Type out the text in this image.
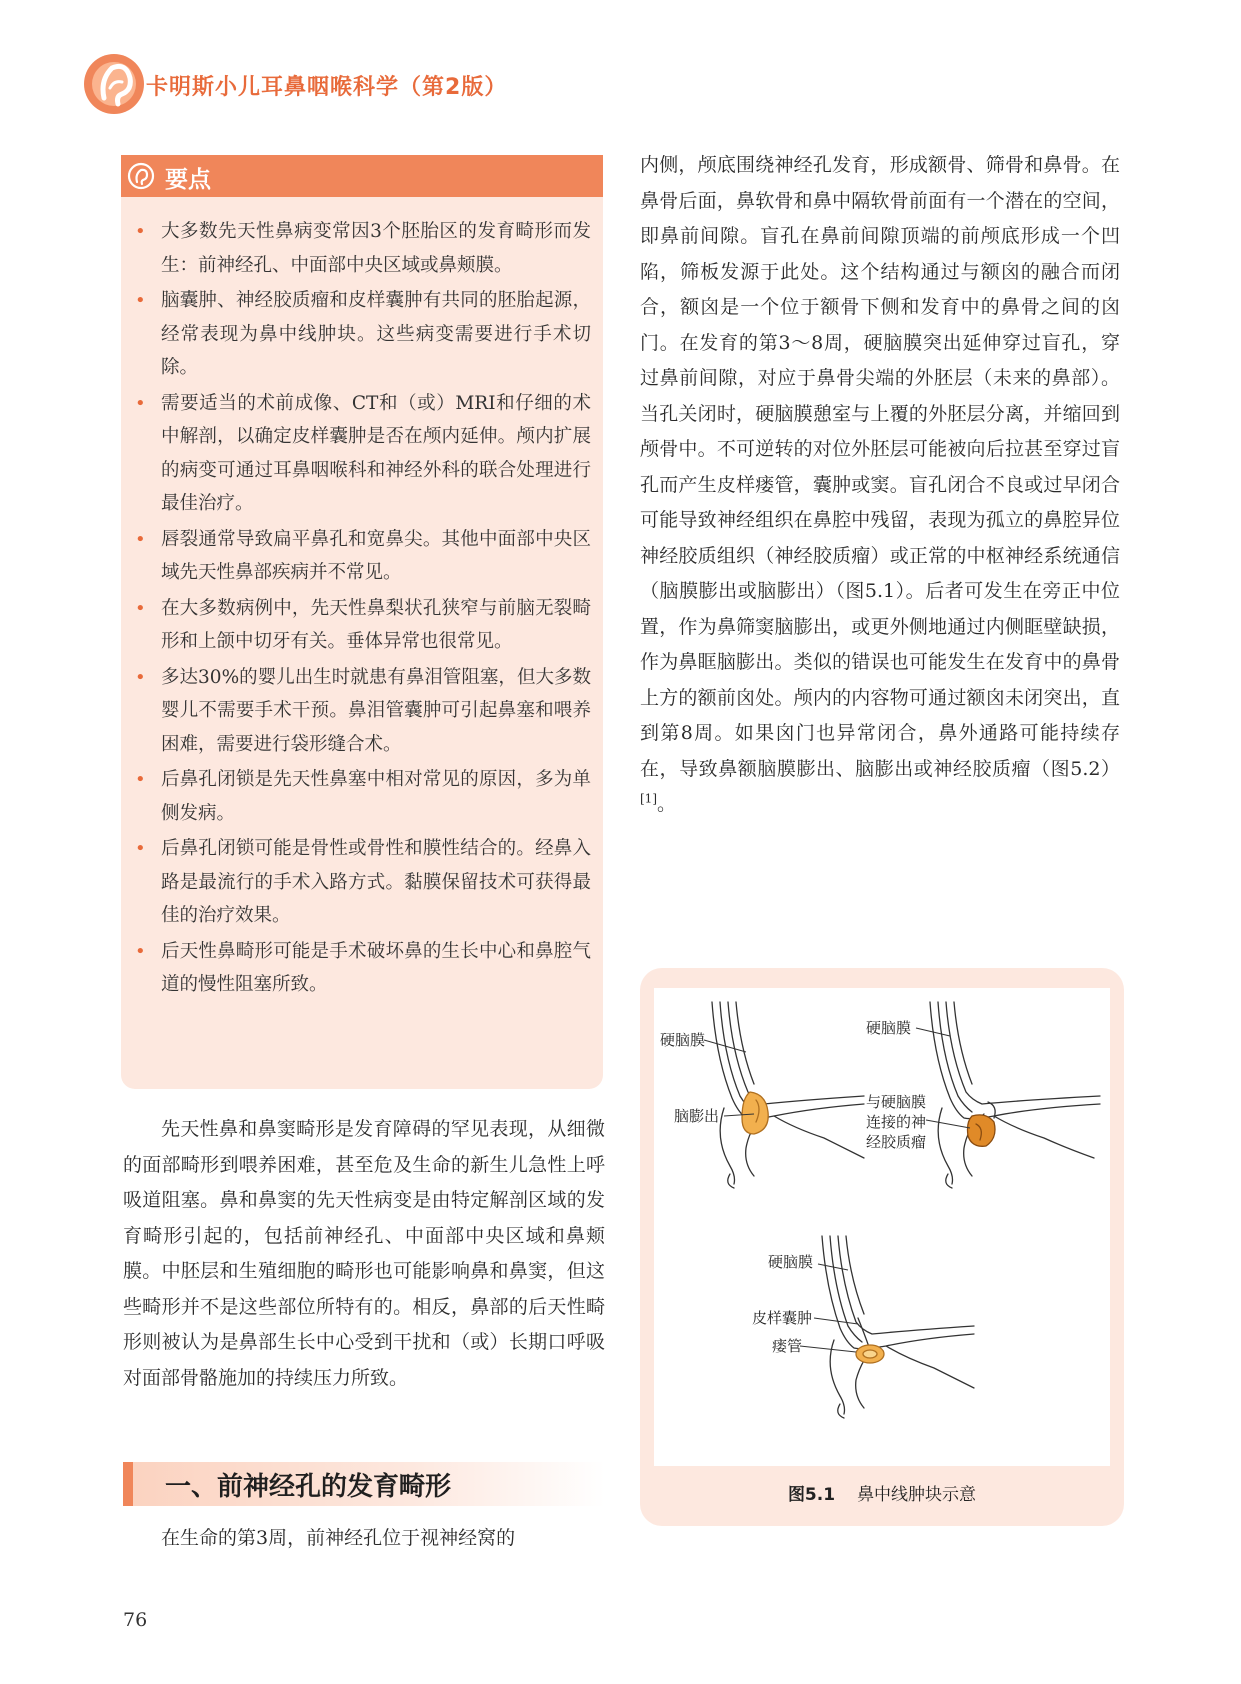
卡明斯小儿耳鼻咽喉科学（第2版）
要点
• 大多数先天性鼻病变常因3个胚胎区的发育畸形而发生：前神经孔、中面部中央区域或鼻颊膜。
• 脑囊肿、神经胶质瘤和皮样囊肿有共同的胚胎起源，经常表现为鼻中线肿块。这些病变需要进行手术切除。
• 需要适当的术前成像、CT和（或）MRI和仔细的术中解剖，以确定皮样囊肿是否在颅内延伸。颅内扩展的病变可通过耳鼻咽喉科和神经外科的联合处理进行最佳治疗。
• 唇裂通常导致扁平鼻孔和宽鼻尖。其他中面部中央区域先天性鼻部疾病并不常见。
• 在大多数病例中，先天性鼻梨状孔狭窄与前脑无裂畸形和上颌中切牙有关。垂体异常也很常见。
• 多达30%的婴儿出生时就患有鼻泪管阻塞，但大多数婴儿不需要手术干预。鼻泪管囊肿可引起鼻塞和喂养困难，需要进行袋形缝合术。
• 后鼻孔闭锁是先天性鼻塞中相对常见的原因，多为单侧发病。
• 后鼻孔闭锁可能是骨性或骨性和膜性结合的。经鼻入路是最流行的手术入路方式。黏膜保留技术可获得最佳的治疗效果。
• 后天性鼻畸形可能是手术破坏鼻的生长中心和鼻腔气道的慢性阻塞所致。

先天性鼻和鼻窦畸形是发育障碍的罕见表现，从细微的面部畸形到喂养困难，甚至危及生命的新生儿急性上呼吸道阻塞。鼻和鼻窦的先天性病变是由特定解剖区域的发育畸形引起的，包括前神经孔、中面部中央区域和鼻颊膜。中胚层和生殖细胞的畸形也可能影响鼻和鼻窦，但这些畸形并不是这些部位所特有的。相反，鼻部的后天性畸形则被认为是鼻部生长中心受到干扰和（或）长期口呼吸对面部骨骼施加的持续压力所致。

一、前神经孔的发育畸形

在生命的第3周，前神经孔位于视神经窝的

内侧，颅底围绕神经孔发育，形成额骨、筛骨和鼻骨。在鼻骨后面，鼻软骨和鼻中隔软骨前面有一个潜在的空间，即鼻前间隙。盲孔在鼻前间隙顶端的前颅底形成一个凹陷，筛板发源于此处。这个结构通过与额囟的融合而闭合，额囟是一个位于额骨下侧和发育中的鼻骨之间的囟门。在发育的第3～8周，硬脑膜突出延伸穿过盲孔，穿过鼻前间隙，对应于鼻骨尖端的外胚层（未来的鼻部）。当孔关闭时，硬脑膜憩室与上覆的外胚层分离，并缩回到颅骨中。不可逆转的对位外胚层可能被向后拉甚至穿过盲孔而产生皮样瘘管，囊肿或窦。盲孔闭合不良或过早闭合可能导致神经组织在鼻腔中残留，表现为孤立的鼻腔异位神经胶质组织（神经胶质瘤）或正常的中枢神经系统通信（脑膜膨出或脑膨出）（图5.1）。后者可发生在旁正中位置，作为鼻筛窦脑膨出，或更外侧地通过内侧眶壁缺损，作为鼻眶脑膨出。类似的错误也可能发生在发育中的鼻骨上方的额前囟处。颅内的内容物可通过额囟未闭突出，直到第8周。如果囟门也异常闭合，鼻外通路可能持续存在，导致鼻额脑膜膨出、脑膨出或神经胶质瘤（图5.2）[1]。

硬脑膜
脑膨出
硬脑膜
与硬脑膜连接的神经胶质瘤
硬脑膜
皮样囊肿
瘘管
图5.1 鼻中线肿块示意
76
